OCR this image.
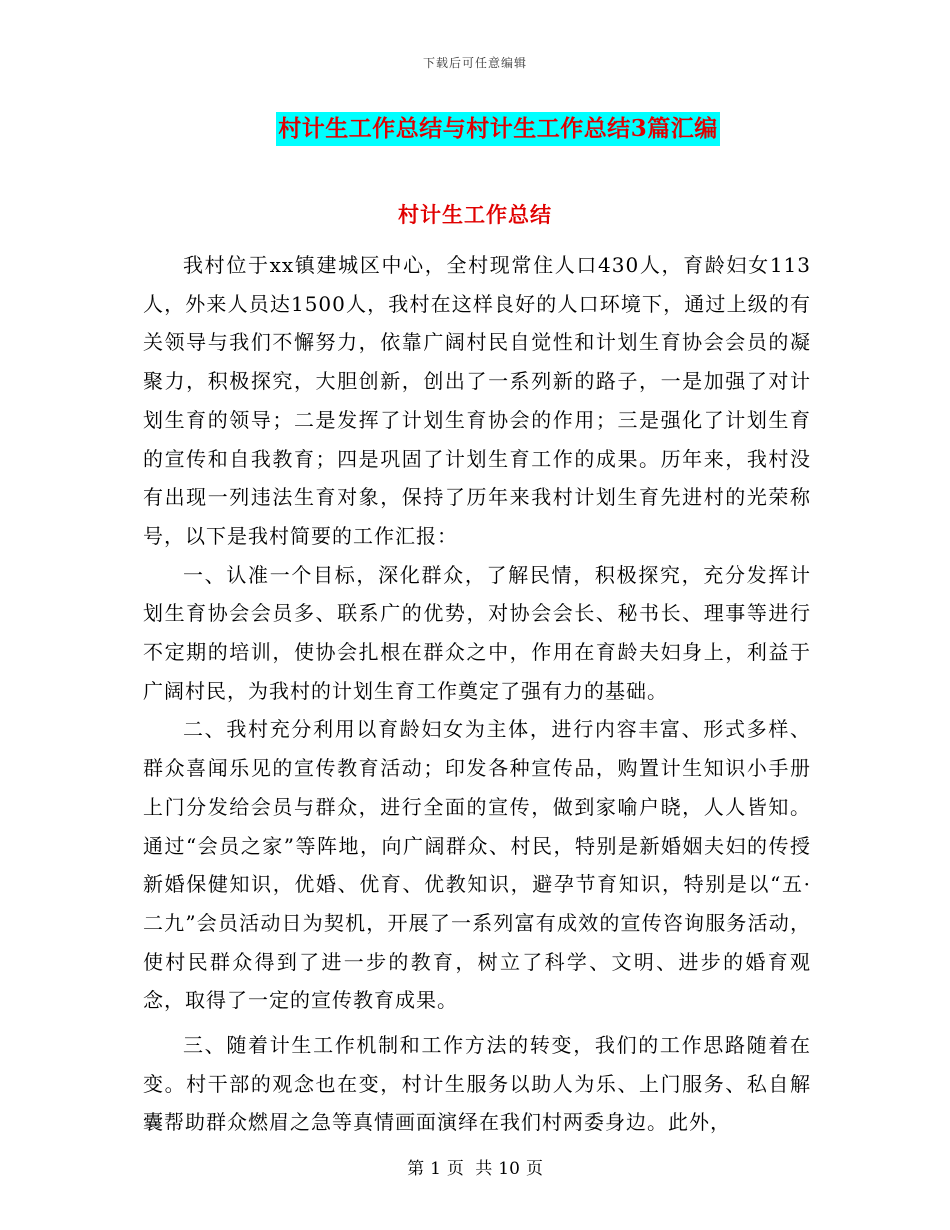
下载后可任意编辑
村计生工作总结与村计生工作总结3篇汇编
村计生工作总结

我村位于xx镇建城区中心，全村现常住人口430人，育龄妇女113人，外来人员达1500人，我村在这样良好的人口环境下，通过上级的有关领导与我们不懈努力，依靠广阔村民自觉性和计划生育协会会员的凝聚力，积极探究，大胆创新，创出了一系列新的路子，一是加强了对计划生育的领导；二是发挥了计划生育协会的作用；三是强化了计划生育的宣传和自我教育；四是巩固了计划生育工作的成果。历年来，我村没有出现一列违法生育对象，保持了历年来我村计划生育先进村的光荣称号，以下是我村简要的工作汇报：

一、认准一个目标，深化群众，了解民情，积极探究，充分发挥计划生育协会会员多、联系广的优势，对协会会长、秘书长、理事等进行不定期的培训，使协会扎根在群众之中，作用在育龄夫妇身上，利益于广阔村民，为我村的计划生育工作奠定了强有力的基础。

二、我村充分利用以育龄妇女为主体，进行内容丰富、形式多样、群众喜闻乐见的宣传教育活动；印发各种宣传品，购置计生知识小手册上门分发给会员与群众，进行全面的宣传，做到家喻户晓，人人皆知。通过“会员之家”等阵地，向广阔群众、村民，特别是新婚姻夫妇的传授新婚保健知识，优婚、优育、优教知识，避孕节育知识，特别是以“五·二九”会员活动日为契机，开展了一系列富有成效的宣传咨询服务活动，使村民群众得到了进一步的教育，树立了科学、文明、进步的婚育观念，取得了一定的宣传教育成果。

三、随着计生工作机制和工作方法的转变，我们的工作思路随着在变。村干部的观念也在变，村计生服务以助人为乐、上门服务、私自解囊帮助群众燃眉之急等真情画面演绎在我们村两委身边。此外，

第 1 页 共 10 页
